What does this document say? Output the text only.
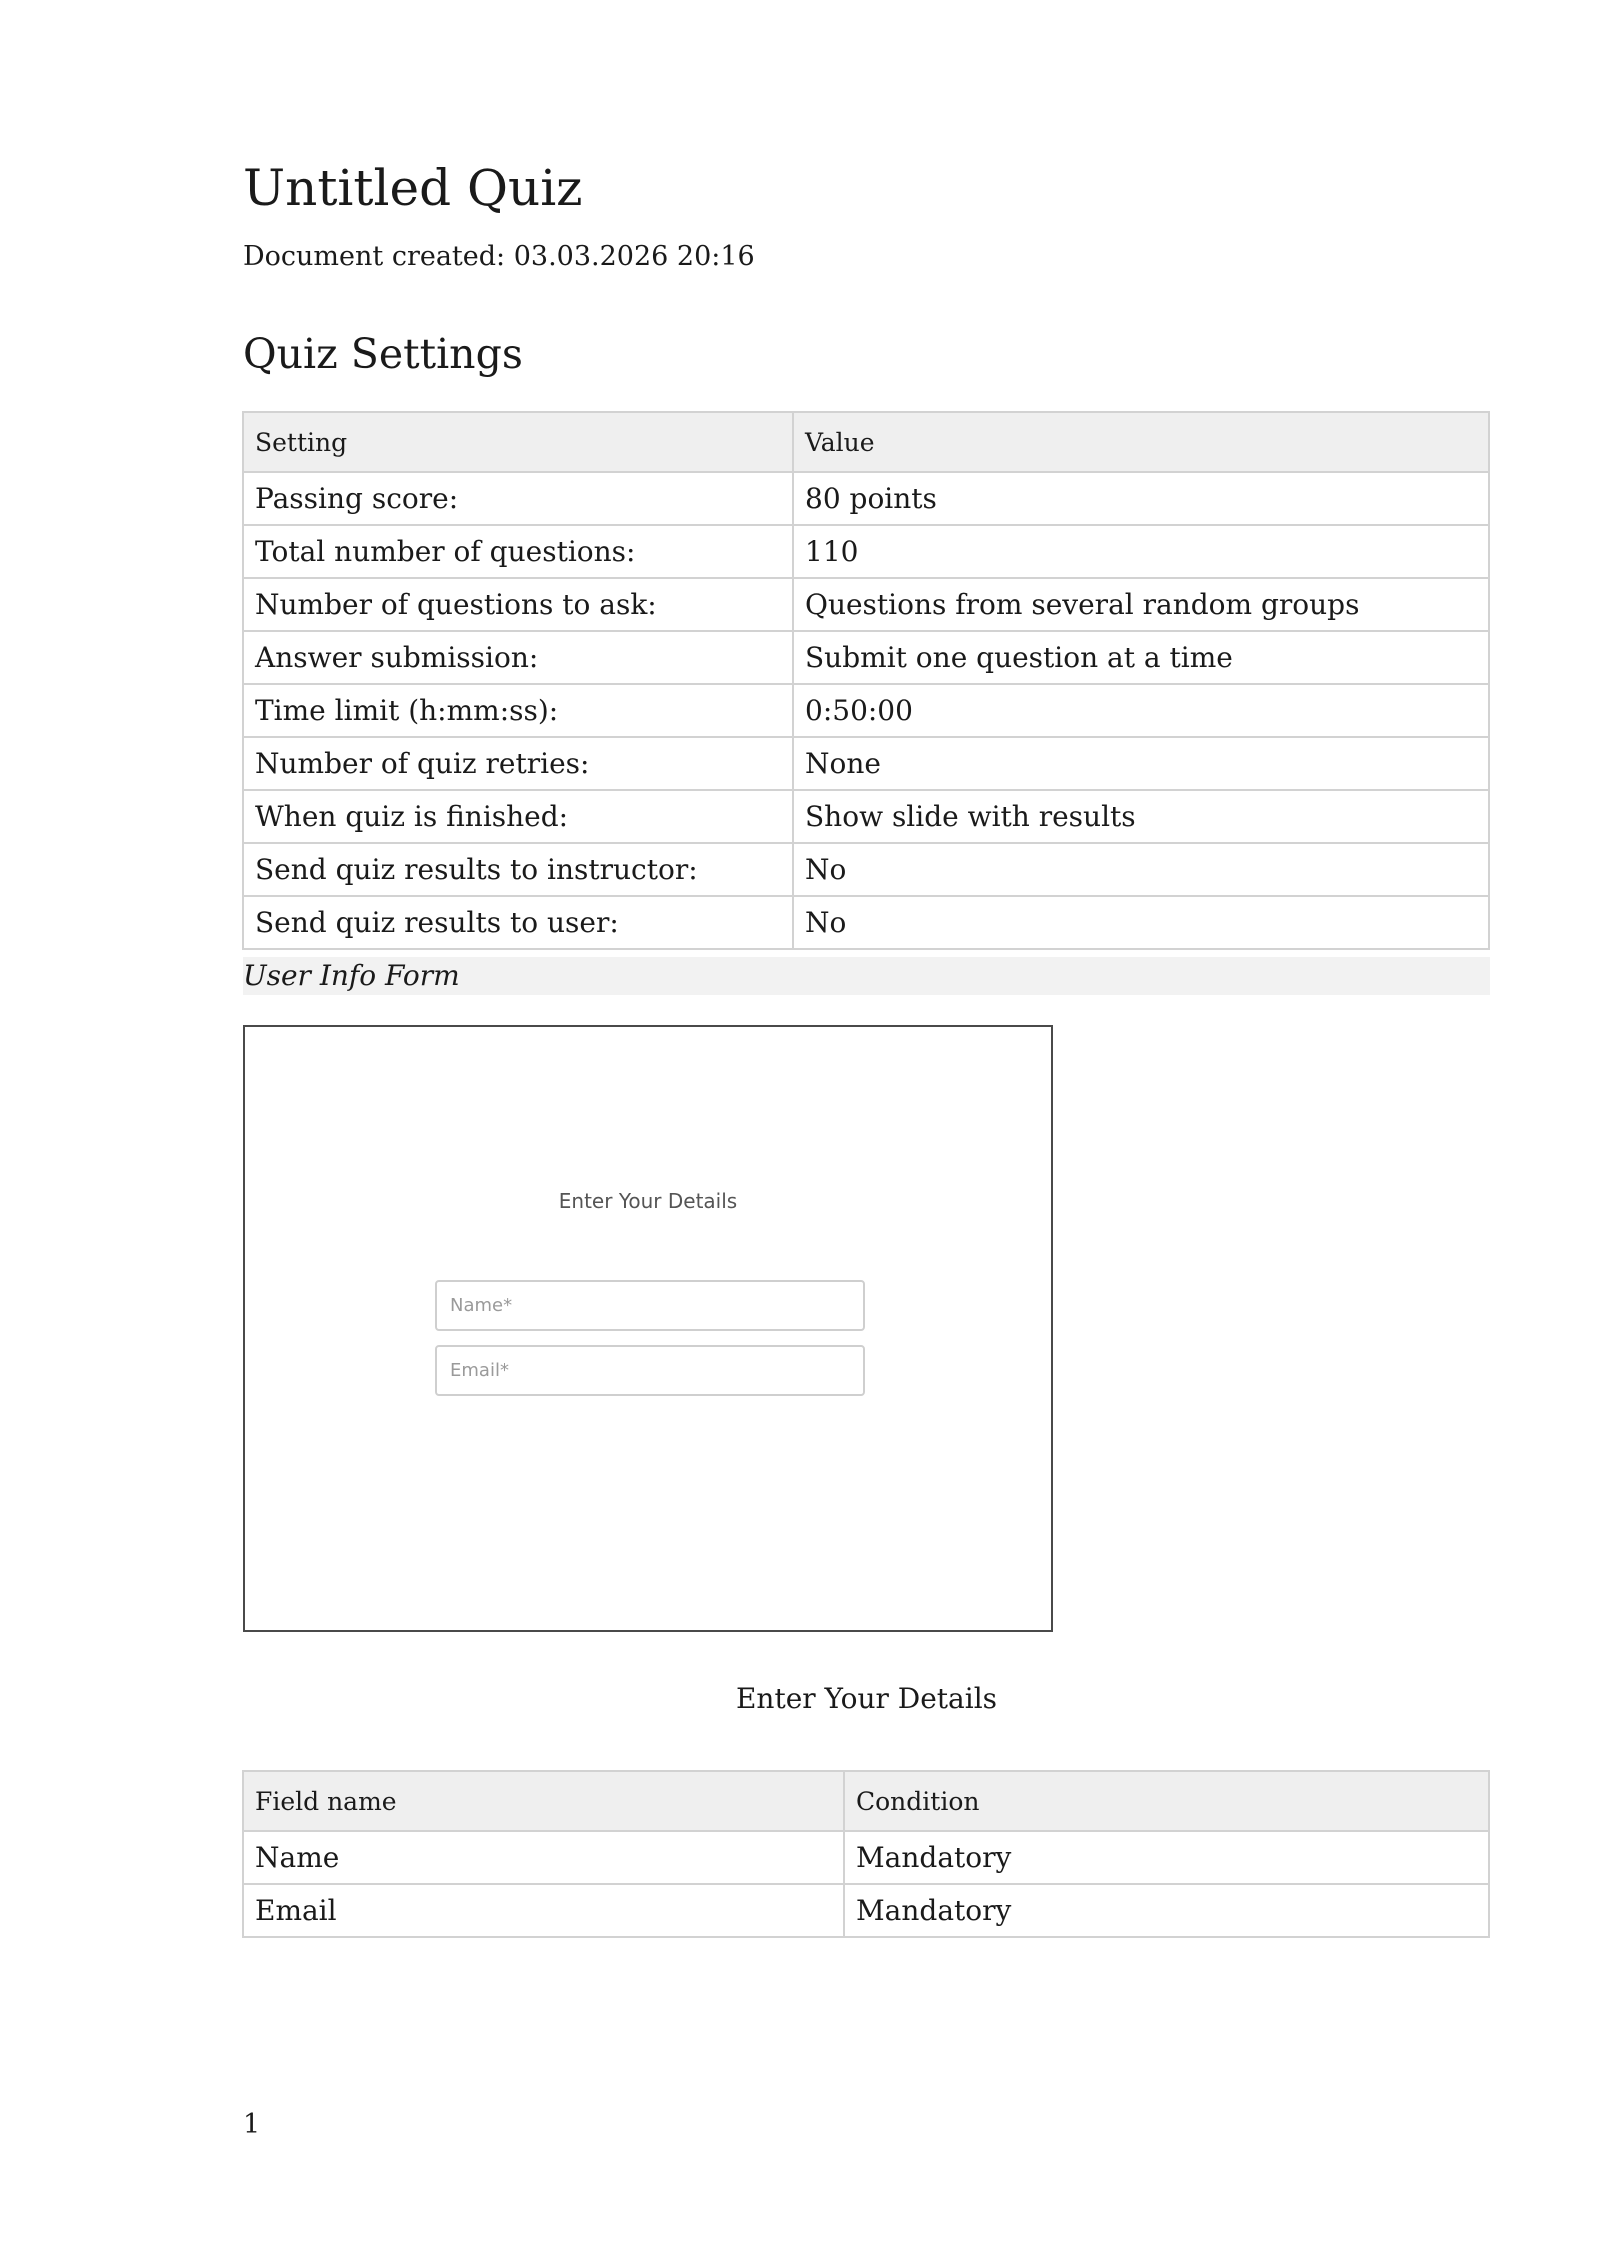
Untitled Quiz
Document created: 03.03.2026 20:16
Quiz Settings
Setting	Value
Passing score:	80 points
Total number of questions:	110
Number of questions to ask:	Questions from several random groups
Answer submission:	Submit one question at a time
Time limit (h:mm:ss):	0:50:00
Number of quiz retries:	None
When quiz is finished:	Show slide with results
Send quiz results to instructor:	No
Send quiz results to user:	No
User Info Form
Enter Your Details
Name*
Email*
Enter Your Details
Field name	Condition
Name	Mandatory
Email	Mandatory
1
